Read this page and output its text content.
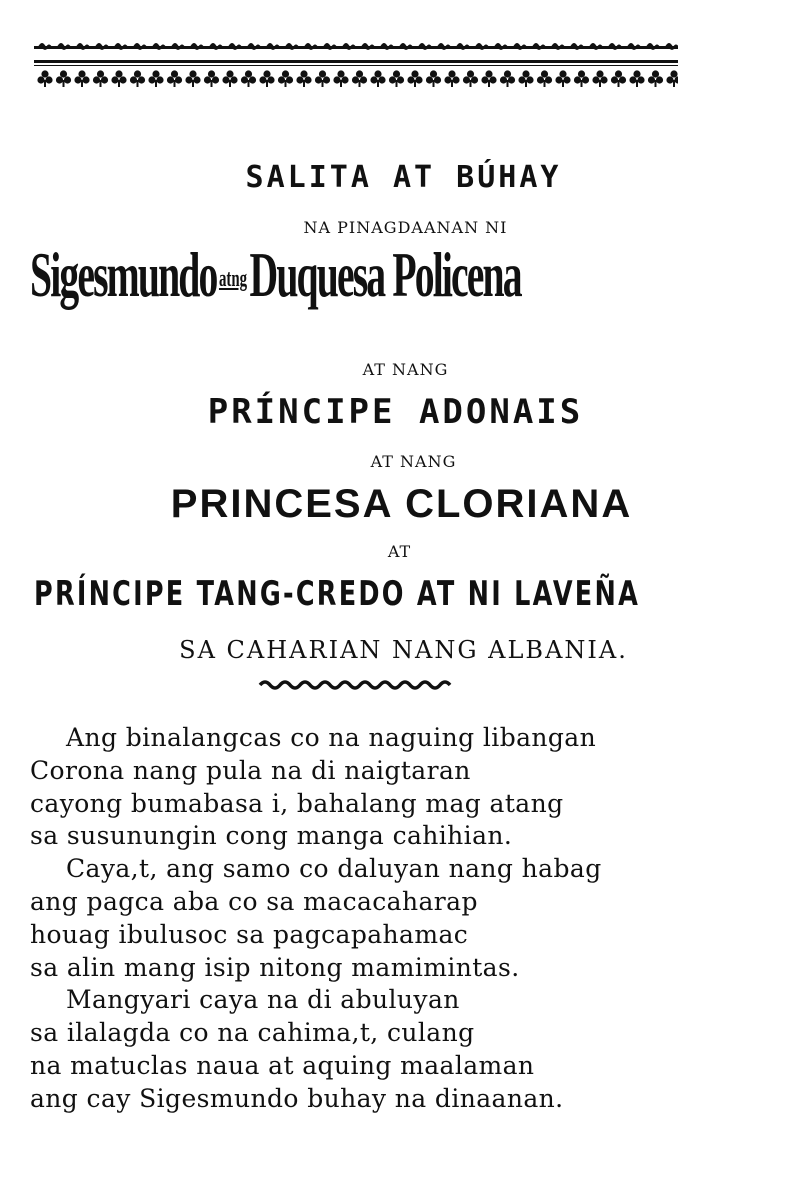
SALITA AT BÚHAY
NA PINAGDAANAN NI
Sigesmundo atngDuquesa Policena
AT NANG
PRÍNCIPE ADONAIS
AT NANG
PRINCESA CLORIANA
AT
PRÍNCIPE TANG-CREDO AT NI LAVEÑA
SA CAHARIAN NANG ALBANIA.
Ang binalangcas co na naguing libangan
Corona nang pula na di naigtaran
cayong bumabasa i, bahalang mag atang
sa susunungin cong manga cahihian.
Caya,t, ang samo co daluyan nang habag
ang pagca aba co sa macacaharap
houag ibulusoc sa pagcapahamac
sa alin mang isip nitong mamimintas.
Mangyari caya na di abuluyan
sa ilalagda co na cahima,t, culang
na matuclas naua at aquing maalaman
ang cay Sigesmundo buhay na dinaanan.
